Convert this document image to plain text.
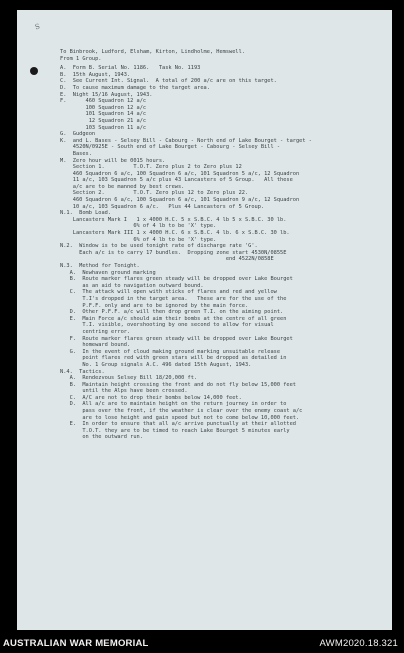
S
To Binbrook, Ludford, Elsham, Kirton, Lindholme, Hemswell.
From 1 Group.
A.  Form B. Serial No. 1186.   Task No. 1193
B.  15th August, 1943.
C.  See Current Int. Signal.  A total of 200 a/c are on this target.
D.  To cause maximum damage to the target area.
E.  Night 15/16 August, 1943.
F.      460 Squadron 12 a/c
100 Squadron 12 a/c
101 Squadron 14 a/c
12 Squadron 21 a/c
103 Squadron 11 a/c
G.  Gudgeon
K.  and L. Bases - Selsey Bill - Cabourg - North end of Lake Bourget - target -
4520N/0925E - South end of Lake Bourget - Cabourg - Selsey Bill -
Bases.
M.  Zero hour will be 0015 hours.
Section 1.         T.O.T. Zero plus 2 to Zero plus 12
460 Squadron 6 a/c, 100 Squadron 6 a/c, 101 Squadron 5 a/c, 12 Squadron
11 a/c, 103 Squadron 5 a/c plus 43 Lancasters of 5 Group.   All these
a/c are to be manned by best crews.
Section 2.         T.O.T. Zero plus 12 to Zero plus 22.
460 Squadron 6 a/c, 100 Squadron 6 a/c, 101 Squadron 9 a/c, 12 Squadron
10 a/c, 103 Squadron 6 a/c.   Plus 44 Lancasters of 5 Group.
N.1.  Bomb Load.
Lancasters Mark I   1 x 4000 H.C. 5 x S.B.C. 4 lb 5 x S.B.C. 30 lb.
6% of 4 lb to be 'X' type.
Lancasters Mark III 1 x 4000 H.C. 6 x S.B.C. 4 lb. 6 x S.B.C. 30 lb.
6% of 4 lb to be 'X' type.
N.2.  Window is to be used tonight rate of discharge rate 'G'.
Each a/c is to carry 17 bundles.  Dropping zone start 4530N/0855E
end 4522N/0858E
N.3.  Method for Tonight.
A.  Newhaven ground marking
B.  Route marker flares green steady will be dropped over Lake Bourget
as an aid to navigation outward bound.
C.  The attack will open with sticks of flares and red and yellow
T.I's dropped in the target area.   These are for the use of the
P.F.F. only and are to be ignored by the main force.
D.  Other P.F.F. a/c will then drop green T.I. on the aiming point.
E.  Main Force a/c should aim their bombs at the centre of all green
T.I. visible, overshooting by one second to allow for visual
centring error.
F.  Route marker flares green steady will be dropped over Lake Bourget
homeward bound.
G.  In the event of cloud making ground marking unsuitable release
point flares red with green stars will be dropped as detailed in
No. 1 Group signals A.C. 496 dated 15th August, 1943.
N.4.  Tactics.
A.  Rendezvous Selsey Bill 18/20,000 ft.
B.  Maintain height crossing the front and do not fly below 15,000 feet
until the Alps have been crossed.
C.  A/C are not to drop their bombs below 14,000 feet.
D.  All a/c are to maintain height on the return journey in order to
pass over the front, if the weather is clear over the enemy coast a/c
are to lose height and gain speed but not to come below 10,000 feet.
E.  In order to ensure that all a/c arrive punctually at their allotted
T.O.T. they are to be timed to reach Lake Bourget 5 minutes early
on the outward run.
AUSTRALIAN WAR MEMORIAL	AWM2020.18.321
